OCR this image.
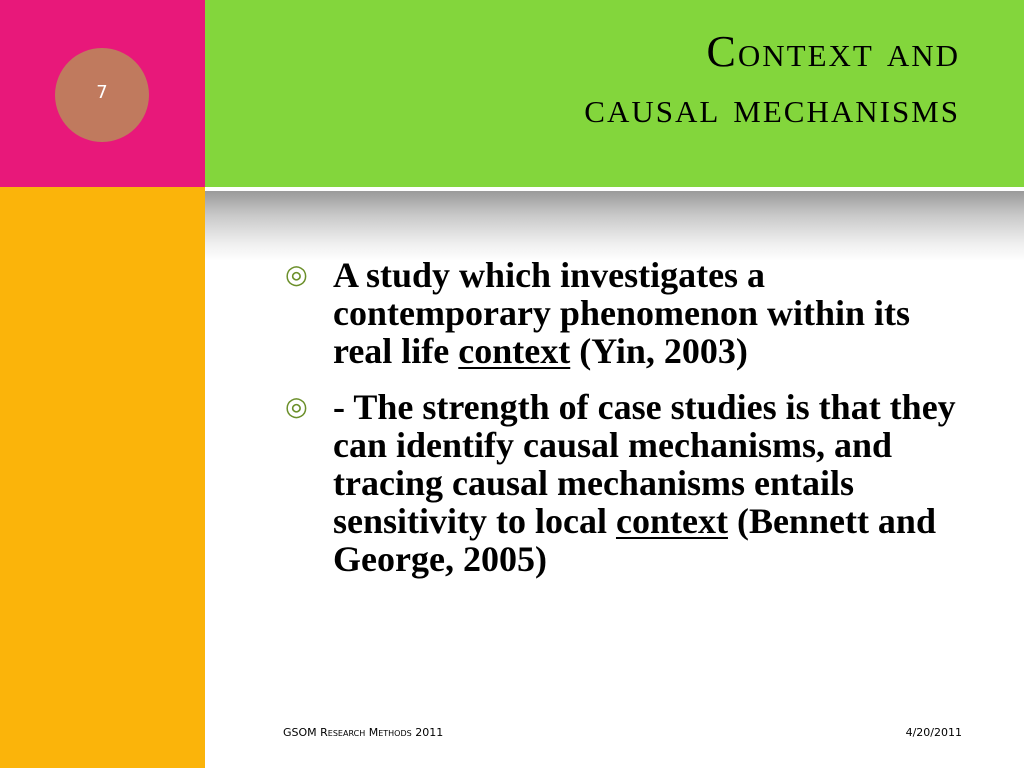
7
Context and
causal mechanisms
◎ A study which investigates a contemporary phenomenon within its real life context (Yin, 2003)
◎ - The strength of case studies is that they can identify causal mechanisms, and tracing causal mechanisms entails sensitivity to local context (Bennett and George, 2005)
GSOM Research Methods 2011	4/20/2011
